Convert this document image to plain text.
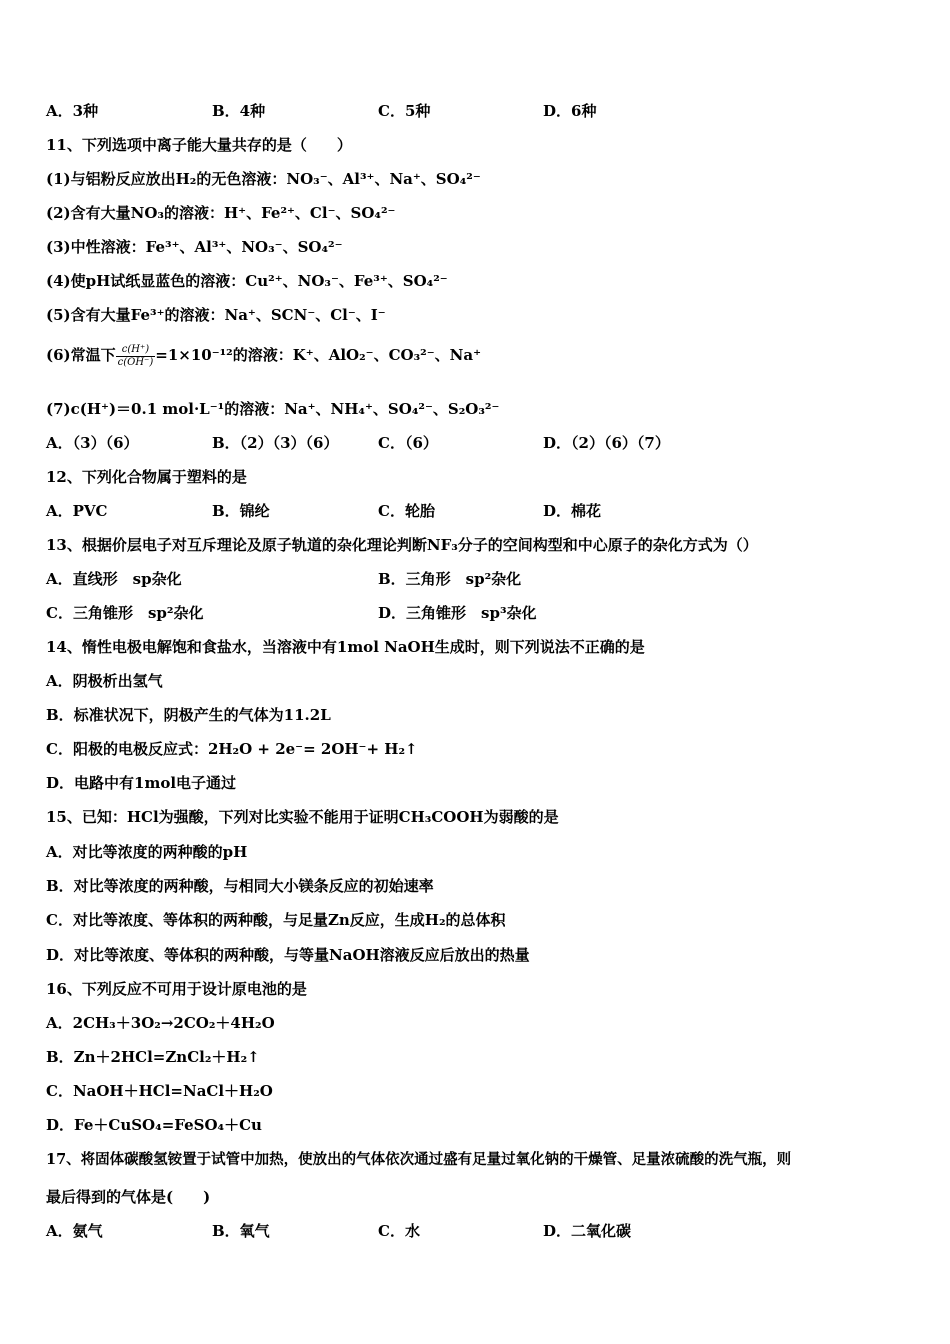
A．3种	B．4种	C．5种	D．6种
11、下列选项中离子能大量共存的是（　　）
(1)与铝粉反应放出H₂的无色溶液：NO₃⁻、Al³⁺、Na⁺、SO₄²⁻
(2)含有大量NO₃的溶液：H⁺、Fe²⁺、Cl⁻、SO₄²⁻
(3)中性溶液：Fe³⁺、Al³⁺、NO₃⁻、SO₄²⁻
(4)使pH试纸显蓝色的溶液：Cu²⁺、NO₃⁻、Fe³⁺、SO₄²⁻
(5)含有大量Fe³⁺的溶液：Na⁺、SCN⁻、Cl⁻、I⁻
(6)常温下 $\frac{c(H^+)}{c(OH^-)} =1\times 10^{-12}$的溶液：K⁺、AlO₂⁻、CO₃²⁻、Na⁺
(7)c(H⁺)＝0.1 mol·L⁻¹的溶液：Na⁺、NH₄⁺、SO₄²⁻、S₂O₃²⁻
A．（3）（6）	B．（2）（3）（6）	C．（6）	D．（2）（6）（7）
12、下列化合物属于塑料的是
A．PVC	B．锦纶	C．轮胎	D．棉花
13、根据价层电子对互斥理论及原子轨道的杂化理论判断NF₃分子的空间构型和中心原子的杂化方式为（）
A．直线形　sp杂化	B．三角形　sp²杂化
C．三角锥形　sp²杂化	D．三角锥形　sp³杂化
14、惰性电极电解饱和食盐水，当溶液中有1mol NaOH生成时，则下列说法不正确的是
A．阴极析出氢气
B．标准状况下，阴极产生的气体为11.2L
C．阳极的电极反应式：2H₂O + 2e⁻= 2OH⁻+ H₂↑
D．电路中有1mol电子通过
15、已知：HCl为强酸，下列对比实验不能用于证明CH₃COOH为弱酸的是
A．对比等浓度的两种酸的pH
B．对比等浓度的两种酸，与相同大小镁条反应的初始速率
C．对比等浓度、等体积的两种酸，与足量Zn反应，生成H₂的总体积
D．对比等浓度、等体积的两种酸，与等量NaOH溶液反应后放出的热量
16、下列反应不可用于设计原电池的是
A．2CH₃＋3O₂→2CO₂＋4H₂O
B．Zn＋2HCl=ZnCl₂＋H₂↑
C．NaOH＋HCl=NaCl＋H₂O
D．Fe＋CuSO₄=FeSO₄＋Cu
17、将固体碳酸氢铵置于试管中加热，使放出的气体依次通过盛有足量过氧化钠的干燥管、足量浓硫酸的洗气瓶，则
最后得到的气体是(　　)
A．氨气	B．氧气	C．水	D．二氧化碳
